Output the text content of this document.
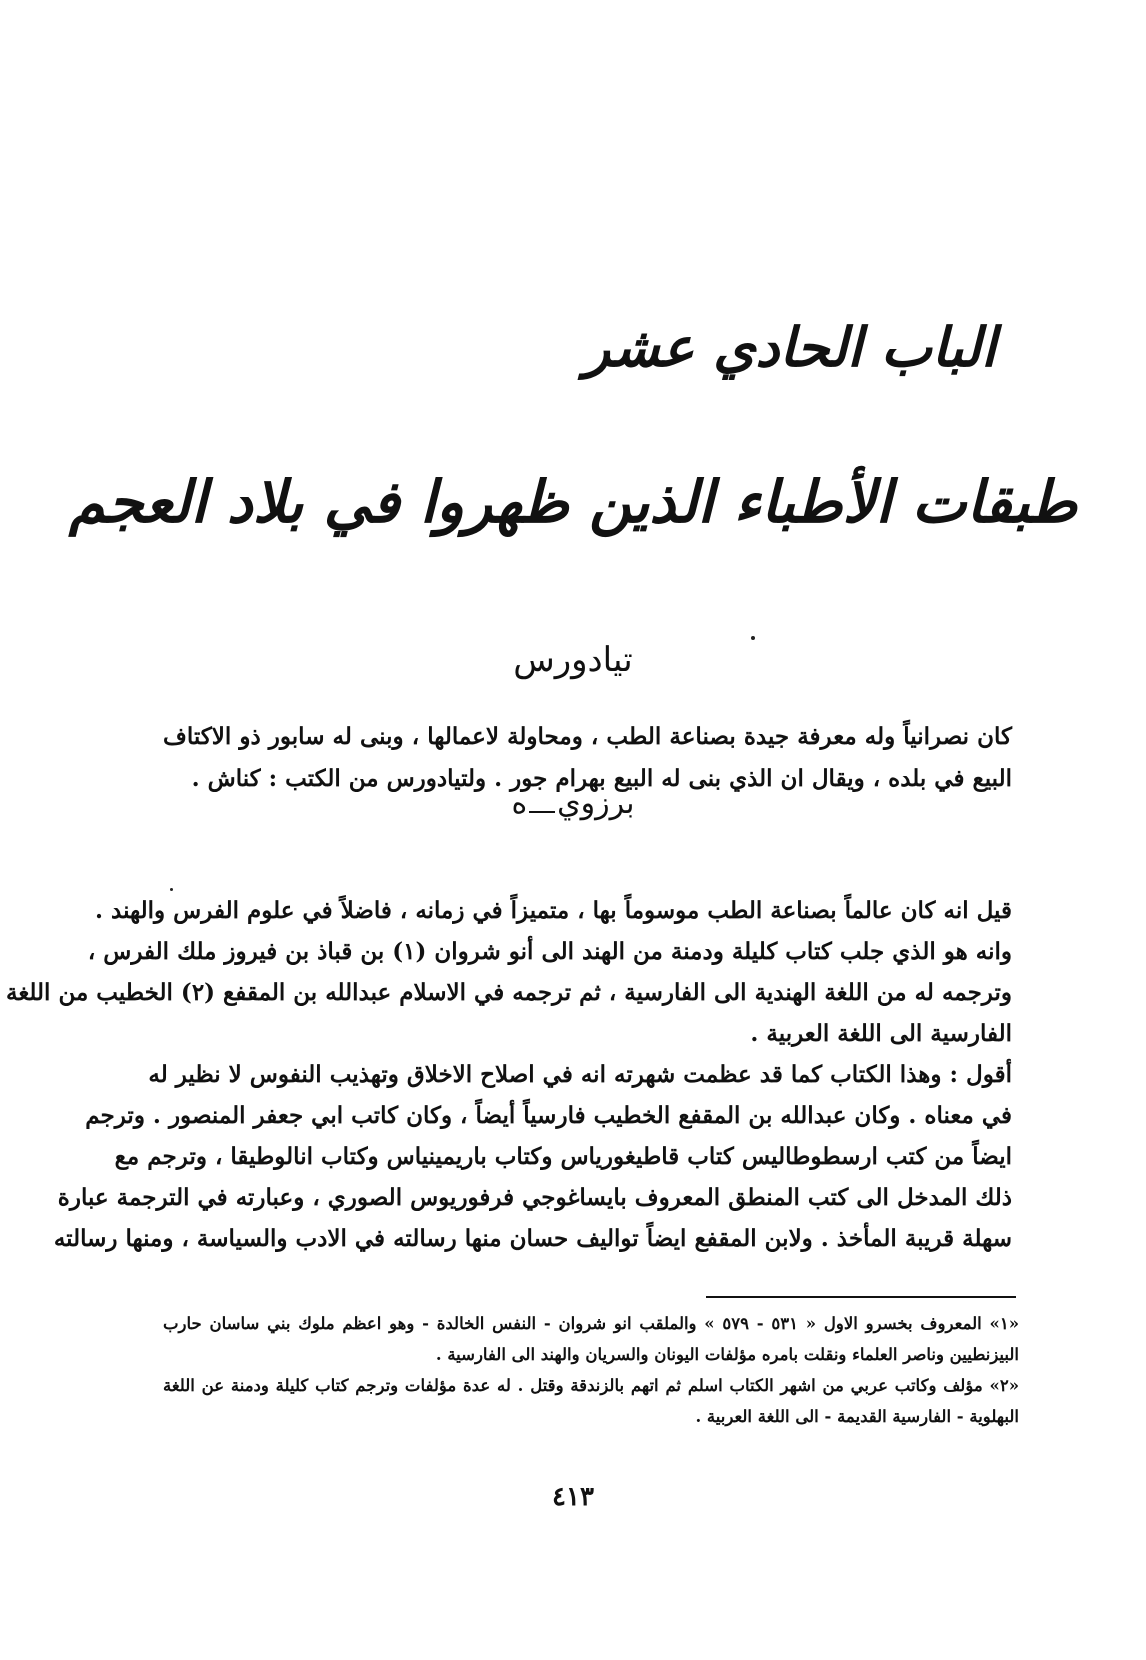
الباب الحادي عشر
طبقات الأطباء الذين ظهروا في بلاد العجم
تيادورس
كان نصرانياً وله معرفة جيدة بصناعة الطب ، ومحاولة لاعمالها ، وبنى له سابور ذو الاكتاف
البيع في بلده ، ويقال ان الذي بنى له البيع بهرام جور . ولتيادورس من الكتب : كناش .
برزويه
قيل انه كان عالماً بصناعة الطب موسوماً بها ، متميزاً في زمانه ، فاضلاً في علوم الفرس والهند .
وانه هو الذي جلب كتاب كليلة ودمنة من الهند الى أنو شروان (١) بن قباذ بن فيروز ملك الفرس ،
وترجمه له من اللغة الهندية الى الفارسية ، ثم ترجمه في الاسلام عبدالله بن المقفع (٢) الخطيب من اللغة
الفارسية الى اللغة العربية .
أقول : وهذا الكتاب كما قد عظمت شهرته انه في اصلاح الاخلاق وتهذيب النفوس لا نظير له
في معناه . وكان عبدالله بن المقفع الخطيب فارسياً أيضاً ، وكان كاتب ابي جعفر المنصور . وترجم
ايضاً من كتب ارسطوطاليس كتاب قاطيغورياس وكتاب باريمينياس وكتاب انالوطيقا ، وترجم مع
ذلك المدخل الى كتب المنطق المعروف بايساغوجي فرفوريوس الصوري ، وعبارته في الترجمة عبارة
سهلة قريبة المأخذ . ولابن المقفع ايضاً تواليف حسان منها رسالته في الادب والسياسة ، ومنها رسالته
«١» المعروف بخسرو الاول « ٥٣١ - ٥٧٩ » والملقب انو شروان - النفس الخالدة - وهو اعظم ملوك بني ساسان حارب
البيزنطيين وناصر العلماء ونقلت بامره مؤلفات اليونان والسريان والهند الى الفارسية .
«٢» مؤلف وكاتب عربي من اشهر الكتاب اسلم ثم اتهم بالزندقة وقتل . له عدة مؤلفات وترجم كتاب كليلة ودمنة عن اللغة
البهلوية - الفارسية القديمة - الى اللغة العربية .
٤١٣
